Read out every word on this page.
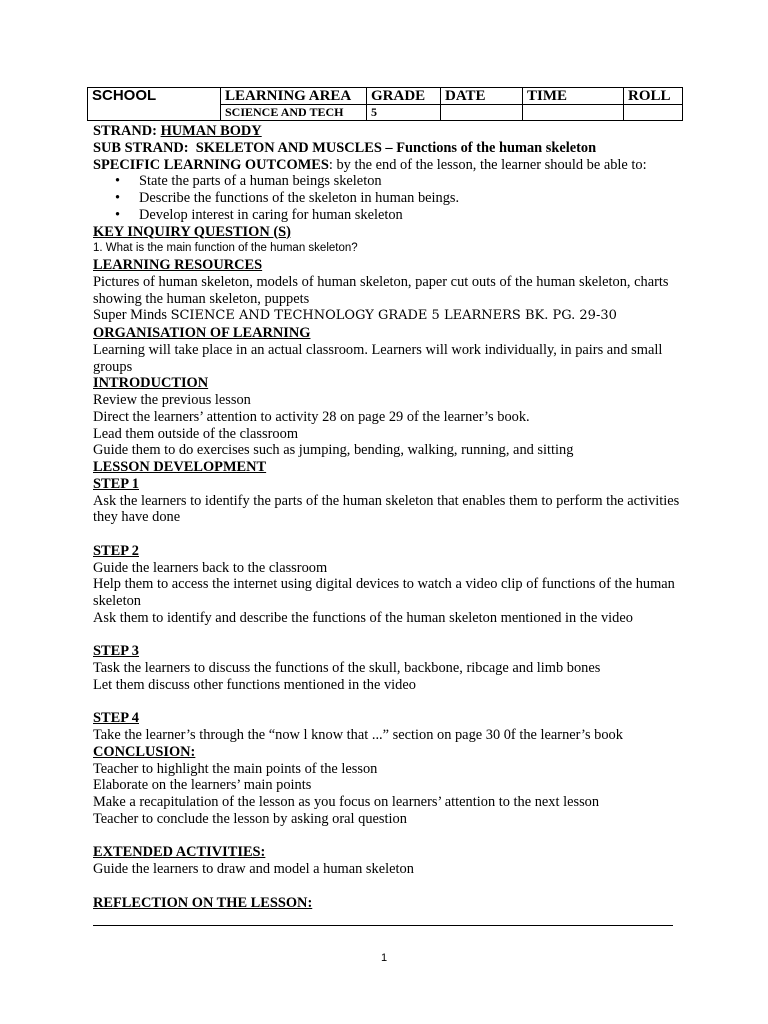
SCHOOL	LEARNING AREA	GRADE	DATE	TIME	ROLL
	SCIENCE AND TECH	5			

STRAND: HUMAN BODY

SUB STRAND:  SKELETON AND MUSCLES – Functions of the human skeleton

SPECIFIC LEARNING OUTCOMES: by the end of the lesson, the learner should be able to:

• State the parts of a human beings skeleton
• Describe the functions of the skeleton in human beings.
• Develop interest in caring for human skeleton

KEY INQUIRY QUESTION (S)

1. What is the main function of the human skeleton?

LEARNING RESOURCES

Pictures of human skeleton, models of human skeleton, paper cut outs of the human skeleton, charts showing the human skeleton, puppets

Super Minds SCIENCE AND TECHNOLOGY GRADE 5 LEARNERS BK. PG. 29-30

ORGANISATION OF LEARNING

Learning will take place in an actual classroom. Learners will work individually, in pairs and small groups

INTRODUCTION

Review the previous lesson

Direct the learners’ attention to activity 28 on page 29 of the learner’s book.

Lead them outside of the classroom

Guide them to do exercises such as jumping, bending, walking, running, and sitting

LESSON DEVELOPMENT

STEP 1

Ask the learners to identify the parts of the human skeleton that enables them to perform the activities they have done

STEP 2

Guide the learners back to the classroom

Help them to access the internet using digital devices to watch a video clip of functions of the human skeleton

Ask them to identify and describe the functions of the human skeleton mentioned in the video

STEP 3

Task the learners to discuss the functions of the skull, backbone, ribcage and limb bones

Let them discuss other functions mentioned in the video

STEP 4

Take the learner’s through the “now l know that ...” section on page 30 0f the learner’s book

CONCLUSION:

Teacher to highlight the main points of the lesson

Elaborate on the learners’ main points

Make a recapitulation of the lesson as you focus on learners’ attention to the next lesson

Teacher to conclude the lesson by asking oral question

EXTENDED ACTIVITIES:

Guide the learners to draw and model a human skeleton

REFLECTION ON THE LESSON:

1
